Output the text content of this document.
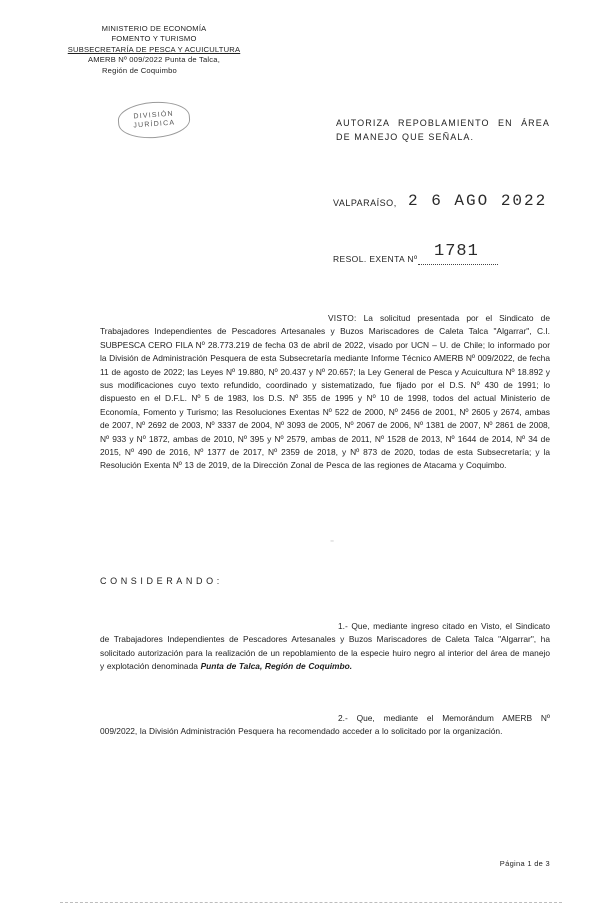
MINISTERIO DE ECONOMÍA
FOMENTO Y TURISMO
SUBSECRETARÍA DE PESCA Y ACUICULTURA
AMERB Nº 009/2022 Punta de Talca,
Región de Coquimbo
DIVISIÓN
JURÍDICA	AUTORIZA REPOBLAMIENTO EN ÁREA DE MANEJO QUE SEÑALA.
VALPARAÍSO, 2 6 AGO 2022
RESOL. EXENTA Nº 1781
VISTO: La solicitud presentada por el Sindicato de Trabajadores Independientes de Pescadores Artesanales y Buzos Mariscadores de Caleta Talca "Algarrar", C.I. SUBPESCA CERO FILA Nº 28.773.219 de fecha 03 de abril de 2022, visado por UCN – U. de Chile; lo informado por la División de Administración Pesquera de esta Subsecretaría mediante Informe Técnico AMERB Nº 009/2022, de fecha 11 de agosto de 2022; las Leyes Nº 19.880, Nº 20.437 y Nº 20.657; la Ley General de Pesca y Acuicultura Nº 18.892 y sus modificaciones cuyo texto refundido, coordinado y sistematizado, fue fijado por el D.S. Nº 430 de 1991; lo dispuesto en el D.F.L. Nº 5 de 1983, los D.S. Nº 355 de 1995 y Nº 10 de 1998, todos del actual Ministerio de Economía, Fomento y Turismo; las Resoluciones Exentas Nº 522 de 2000, Nº 2456 de 2001, Nº 2605 y 2674, ambas de 2007, Nº 2692 de 2003, Nº 3337 de 2004, Nº 3093 de 2005, Nº 2067 de 2006, Nº 1381 de 2007, Nº 2861 de 2008, Nº 933 y Nº 1872, ambas de 2010, Nº 395 y Nº 2579, ambas de 2011, Nº 1528 de 2013, Nº 1644 de 2014, Nº 34 de 2015, Nº 490 de 2016, Nº 1377 de 2017, Nº 2359 de 2018, y Nº 873 de 2020, todas de esta Subsecretaría; y la Resolución Exenta Nº 13 de 2019, de la Dirección Zonal de Pesca de las regiones de Atacama y Coquimbo.
⁻
CONSIDERANDO:
1.- Que, mediante ingreso citado en Visto, el Sindicato de Trabajadores Independientes de Pescadores Artesanales y Buzos Mariscadores de Caleta Talca "Algarrar", ha solicitado autorización para la realización de un repoblamiento de la especie huiro negro al interior del área de manejo y explotación denominada Punta de Talca, Región de Coquimbo.
2.- Que, mediante el Memorándum AMERB Nº 009/2022, la División Administración Pesquera ha recomendado acceder a lo solicitado por la organización.
Página 1 de 3
